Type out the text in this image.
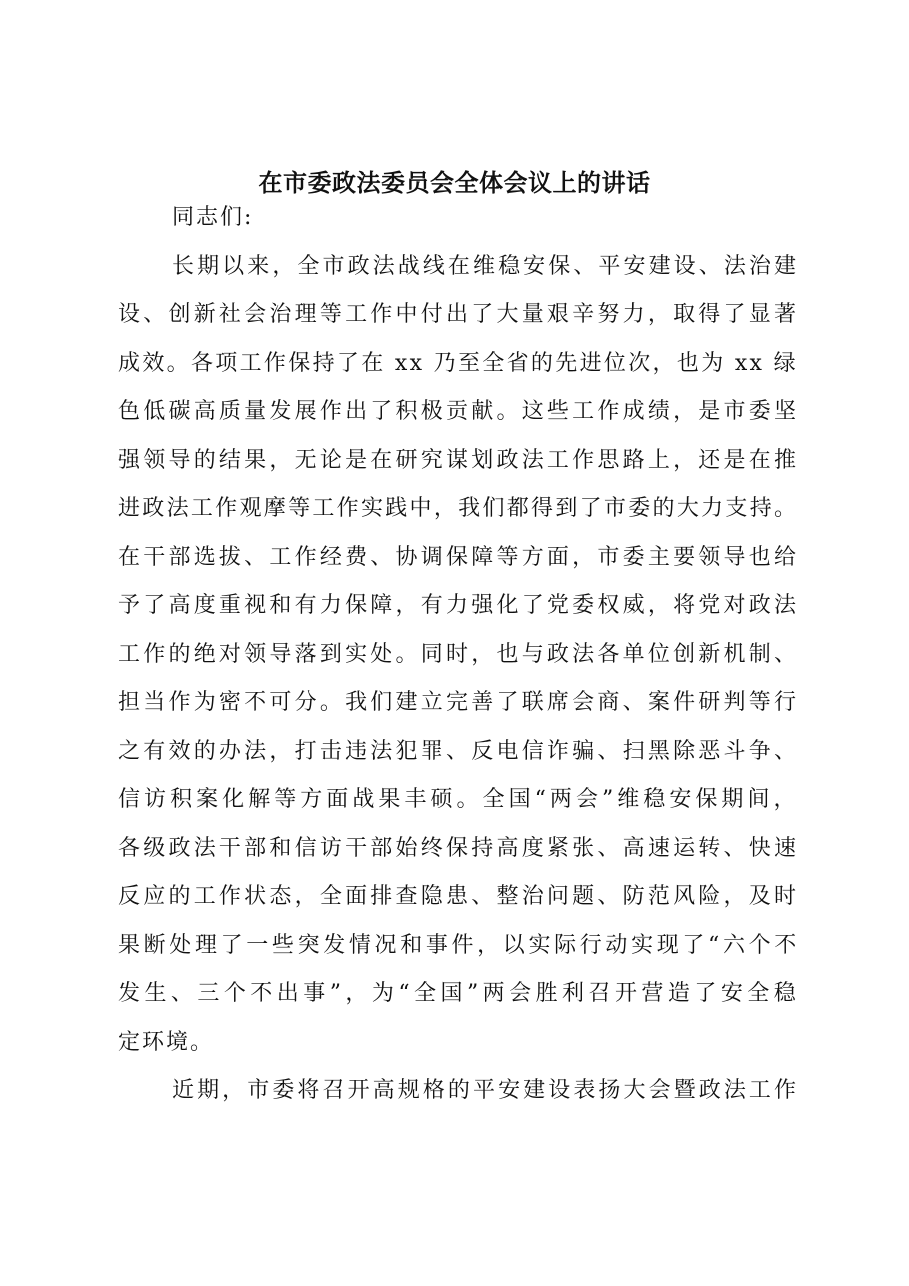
在市委政法委员会全体会议上的讲话
同志们:
长期以来，全市政法战线在维稳安保、平安建设、法治建
设、创新社会治理等工作中付出了大量艰辛努力，取得了显著
成效。各项工作保持了在 xx 乃至全省的先进位次，也为 xx 绿
色低碳高质量发展作出了积极贡献。这些工作成绩，是市委坚
强领导的结果，无论是在研究谋划政法工作思路上，还是在推
进政法工作观摩等工作实践中，我们都得到了市委的大力支持。
在干部选拔、工作经费、协调保障等方面，市委主要领导也给
予了高度重视和有力保障，有力强化了党委权威，将党对政法
工作的绝对领导落到实处。同时，也与政法各单位创新机制、
担当作为密不可分。我们建立完善了联席会商、案件研判等行
之有效的办法，打击违法犯罪、反电信诈骗、扫黑除恶斗争、
信访积案化解等方面战果丰硕。全国“两会”维稳安保期间，
各级政法干部和信访干部始终保持高度紧张、高速运转、快速
反应的工作状态，全面排查隐患、整治问题、防范风险，及时
果断处理了一些突发情况和事件，以实际行动实现了“六个不
发生、三个不出事”，为“全国”两会胜利召开营造了安全稳
定环境。
近期，市委将召开高规格的平安建设表扬大会暨政法工作
